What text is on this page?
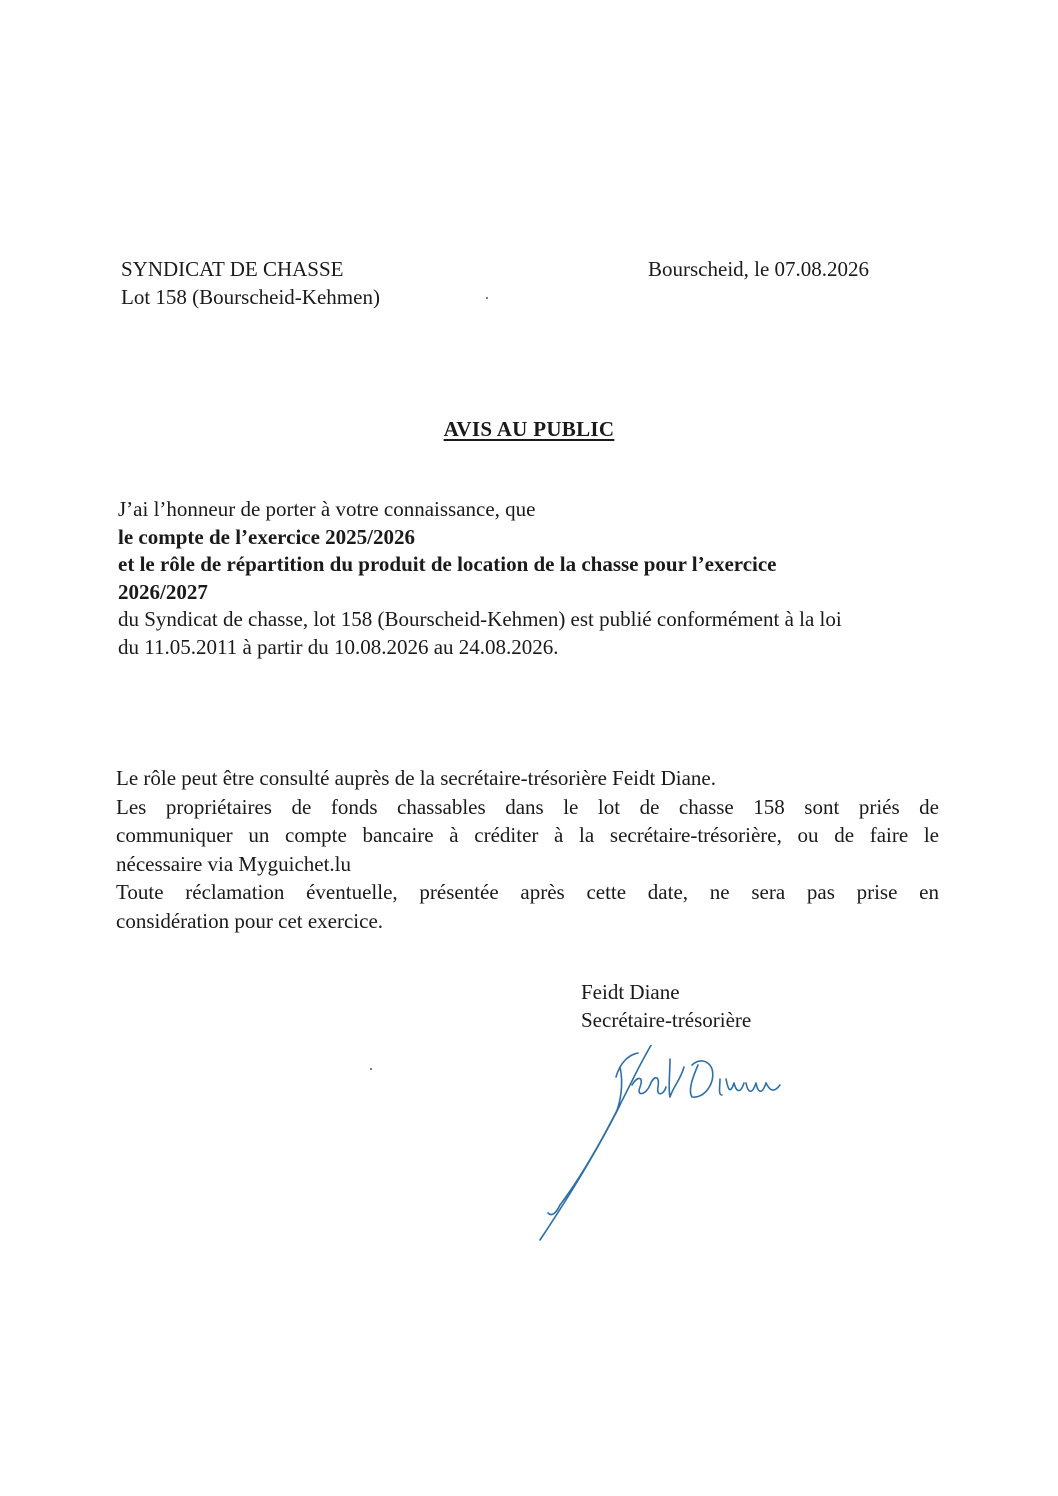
SYNDICAT DE CHASSE
Lot 158 (Bourscheid-Kehmen)
Bourscheid, le 07.08.2026
AVIS AU PUBLIC
J’ai l’honneur de porter à votre connaissance, que
le compte de l’exercice 2025/2026
et le rôle de répartition du produit de location de la chasse pour l’exercice
2026/2027
du Syndicat de chasse, lot 158 (Bourscheid-Kehmen) est publié conformément à la loi
du 11.05.2011 à partir du 10.08.2026 au 24.08.2026.
Le rôle peut être consulté auprès de la secrétaire-trésorière Feidt Diane.
Les propriétaires de fonds chassables dans le lot de chasse 158 sont priés de
communiquer un compte bancaire à créditer à la secrétaire-trésorière, ou de faire le
nécessaire via Myguichet.lu
Toute réclamation éventuelle, présentée après cette date, ne sera pas prise en
considération pour cet exercice.
Feidt Diane
Secrétaire-trésorière
